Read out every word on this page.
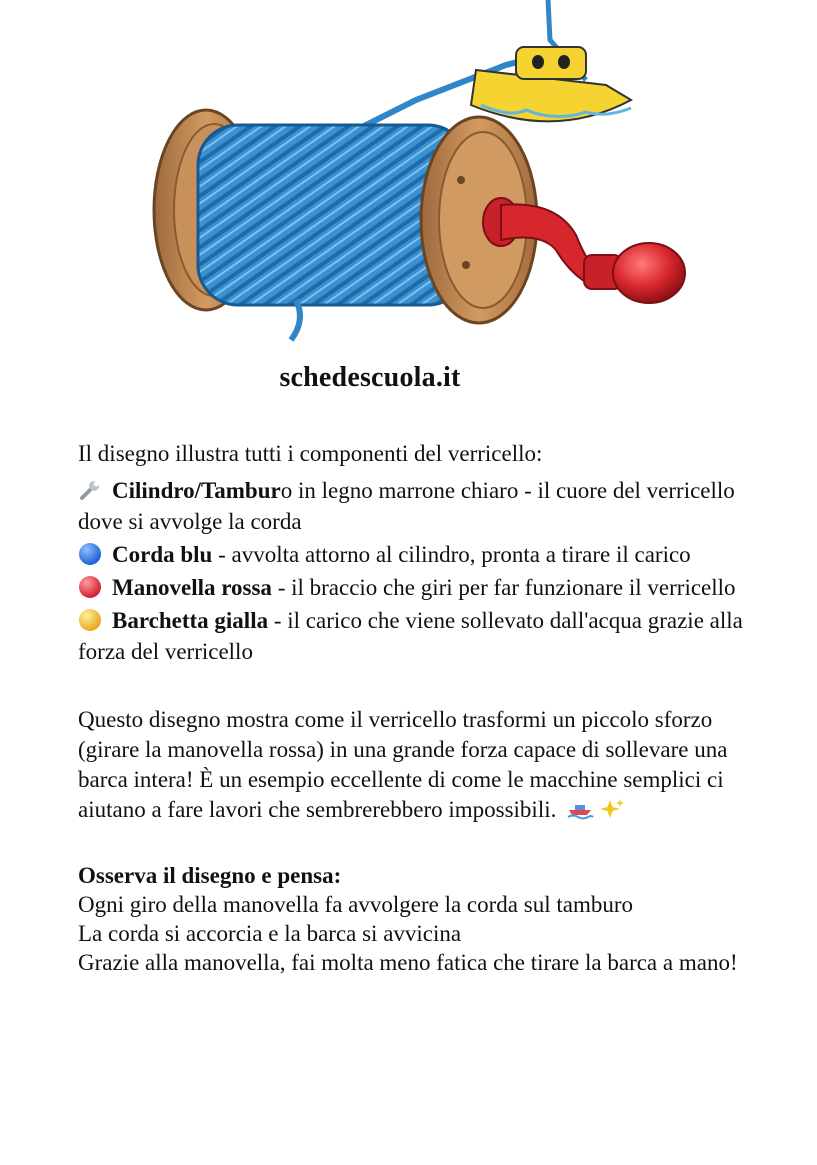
schedescuola.it
Il disegno illustra tutti i componenti del verricello:
Cilindro/Tamburo in legno marrone chiaro - il cuore del verricello dove si avvolge la corda
Corda blu - avvolta attorno al cilindro, pronta a tirare il carico
Manovella rossa - il braccio che giri per far funzionare il verricello
Barchetta gialla - il carico che viene sollevato dall'acqua grazie alla forza del verricello
Questo disegno mostra come il verricello trasformi un piccolo sforzo (girare la manovella rossa) in una grande forza capace di sollevare una barca intera! È un esempio eccellente di come le macchine semplici ci aiutano a fare lavori che sembrerebbero impossibili.
Osserva il disegno e pensa:
Ogni giro della manovella fa avvolgere la corda sul tamburo
La corda si accorcia e la barca si avvicina
Grazie alla manovella, fai molta meno fatica che tirare la barca a mano!
